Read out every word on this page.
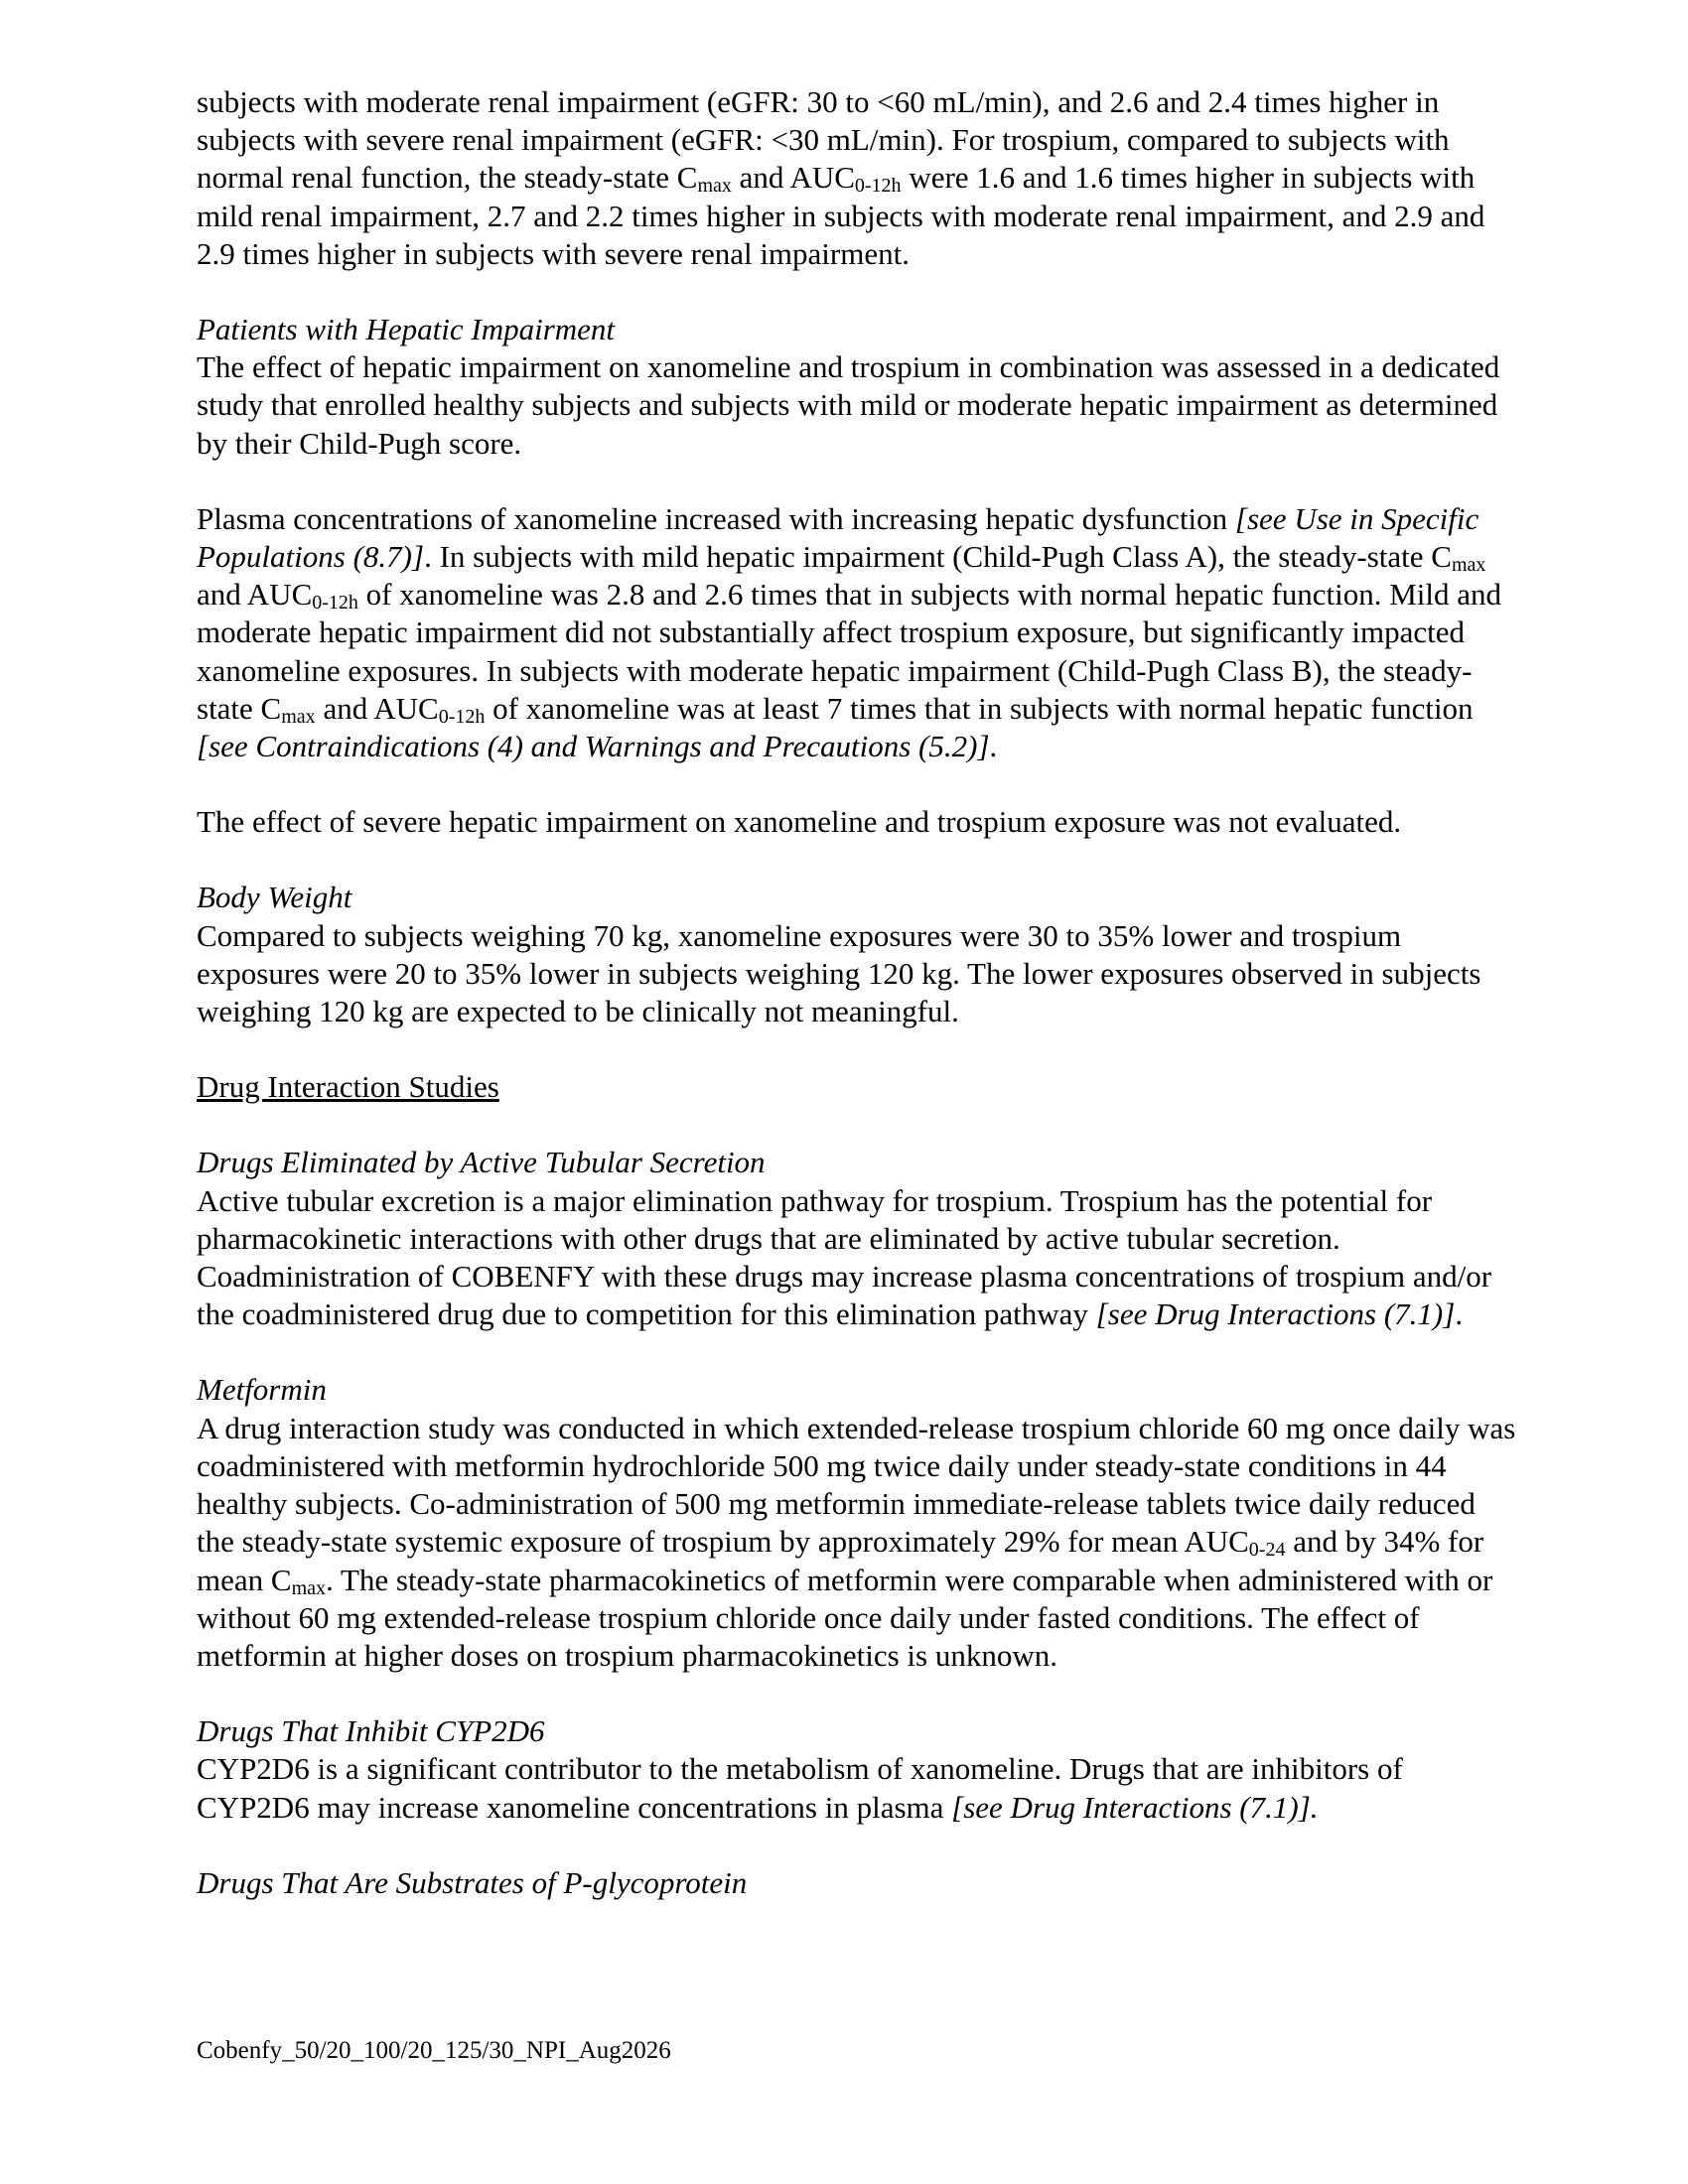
subjects with moderate renal impairment (eGFR: 30 to <60 mL/min), and 2.6 and 2.4 times higher in subjects with severe renal impairment (eGFR: <30 mL/min). For trospium, compared to subjects with normal renal function, the steady-state $C_{max}$ and $AUC_{0-12h}$ were 1.6 and 1.6 times higher in subjects with mild renal impairment, 2.7 and 2.2 times higher in subjects with moderate renal impairment, and 2.9 and 2.9 times higher in subjects with severe renal impairment.

Patients with Hepatic Impairment

The effect of hepatic impairment on xanomeline and trospium in combination was assessed in a dedicated study that enrolled healthy subjects and subjects with mild or moderate hepatic impairment as determined by their Child-Pugh score.

Plasma concentrations of xanomeline increased with increasing hepatic dysfunction [see Use in Specific Populations (8.7)]. In subjects with mild hepatic impairment (Child-Pugh Class A), the steady-state $C_{max}$ and $AUC_{0-12h}$ of xanomeline was 2.8 and 2.6 times that in subjects with normal hepatic function. Mild and moderate hepatic impairment did not substantially affect trospium exposure, but significantly impacted xanomeline exposures. In subjects with moderate hepatic impairment (Child-Pugh Class B), the steady-state $C_{max}$ and $AUC_{0-12h}$ of xanomeline was at least 7 times that in subjects with normal hepatic function [see Contraindications (4) and Warnings and Precautions (5.2)].

The effect of severe hepatic impairment on xanomeline and trospium exposure was not evaluated.

Body Weight

Compared to subjects weighing 70 kg, xanomeline exposures were 30 to 35% lower and trospium exposures were 20 to 35% lower in subjects weighing 120 kg. The lower exposures observed in subjects weighing 120 kg are expected to be clinically not meaningful.

Drug Interaction Studies

Drugs Eliminated by Active Tubular Secretion

Active tubular excretion is a major elimination pathway for trospium. Trospium has the potential for pharmacokinetic interactions with other drugs that are eliminated by active tubular secretion. Coadministration of COBENFY with these drugs may increase plasma concentrations of trospium and/or the coadministered drug due to competition for this elimination pathway [see Drug Interactions (7.1)].

Metformin

A drug interaction study was conducted in which extended-release trospium chloride 60 mg once daily was coadministered with metformin hydrochloride 500 mg twice daily under steady-state conditions in 44 healthy subjects. Co-administration of 500 mg metformin immediate-release tablets twice daily reduced the steady-state systemic exposure of trospium by approximately 29% for mean $AUC_{0-24}$ and by 34% for mean $C_{max}$. The steady-state pharmacokinetics of metformin were comparable when administered with or without 60 mg extended-release trospium chloride once daily under fasted conditions. The effect of metformin at higher doses on trospium pharmacokinetics is unknown.

Drugs That Inhibit CYP2D6

CYP2D6 is a significant contributor to the metabolism of xanomeline. Drugs that are inhibitors of CYP2D6 may increase xanomeline concentrations in plasma [see Drug Interactions (7.1)].

Drugs That Are Substrates of P-glycoprotein

Cobenfy_50/20_100/20_125/30_NPI_Aug2026
